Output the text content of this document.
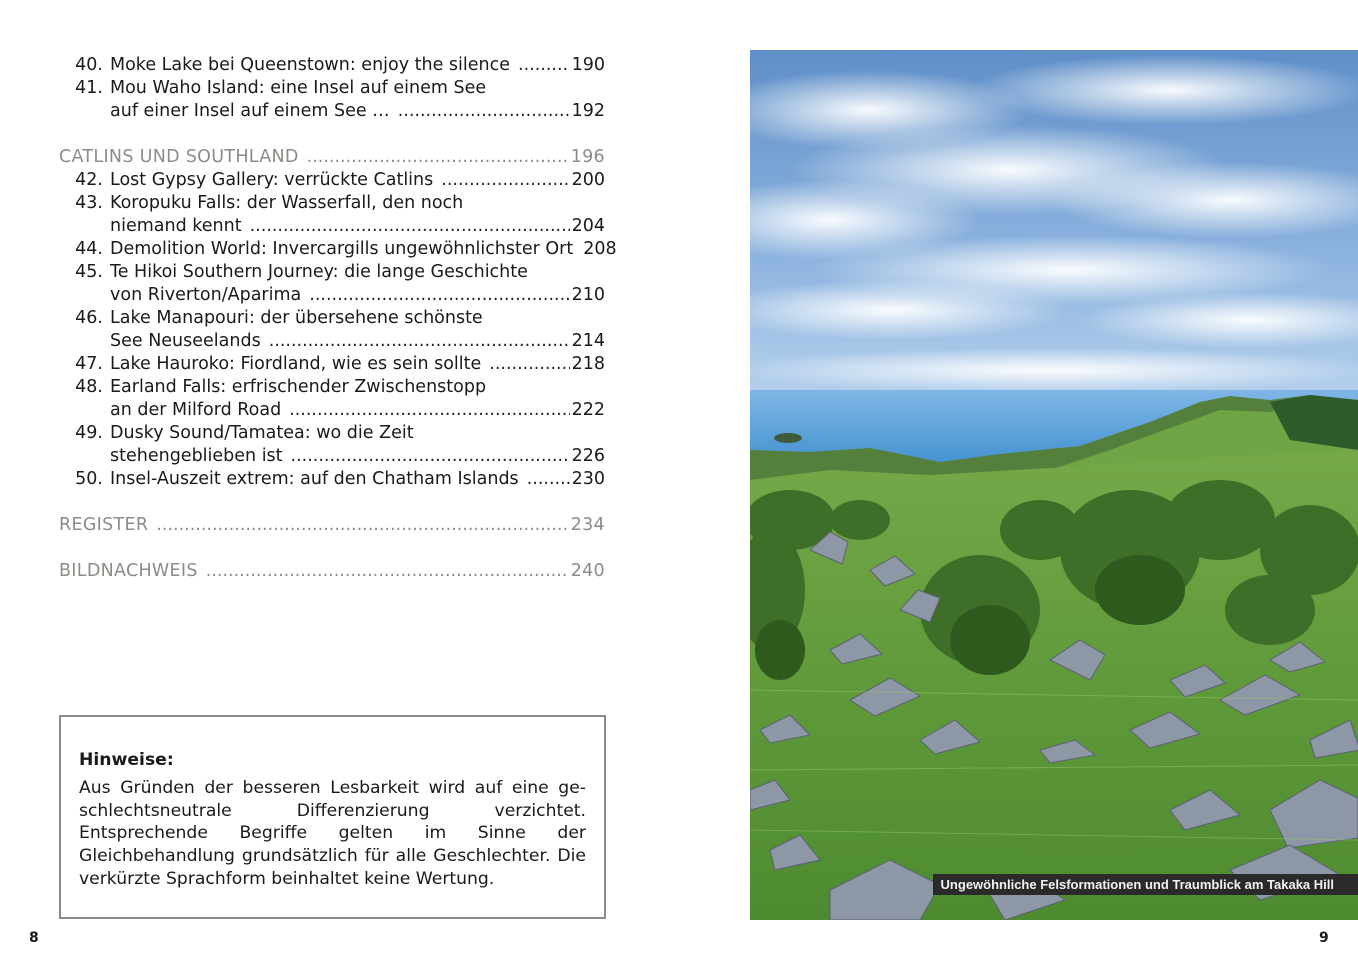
40. Moke Lake bei Queenstown: enjoy the silence .....	190
41. Mou Waho Island: eine Insel auf einem See
auf einer Insel auf einem See … .....	192
CATLINS UND SOUTHLAND .....	196
42. Lost Gypsy Gallery: verrückte Catlins .....	200
43. Koropuku Falls: der Wasserfall, den noch
niemand kennt .....	204
44. Demolition World: Invercargills ungewöhnlichster Ort 208
45. Te Hikoi Southern Journey: die lange Geschichte
von Riverton/Aparima .....	210
46. Lake Manapouri: der übersehene schönste
See Neuseelands .....	214
47. Lake Hauroko: Fiordland, wie es sein sollte .....	218
48. Earland Falls: erfrischender Zwischenstopp
an der Milford Road .....	222
49. Dusky Sound/Tamatea: wo die Zeit
stehengeblieben ist .....	226
50. Insel-Auszeit extrem: auf den Chatham Islands .....	230
REGISTER .....	234
BILDNACHWEIS .....	240
Hinweise:
Aus Gründen der besseren Lesbarkeit wird auf eine geschlechtsneutrale Differenzierung verzichtet. Entsprechende Begriffe gelten im Sinne der Gleichbehandlung grundsätzlich für alle Geschlechter. Die verkürzte Sprachform beinhaltet keine Wertung.
8	9
Ungewöhnliche Felsformationen und Traumblick am Takaka Hill
